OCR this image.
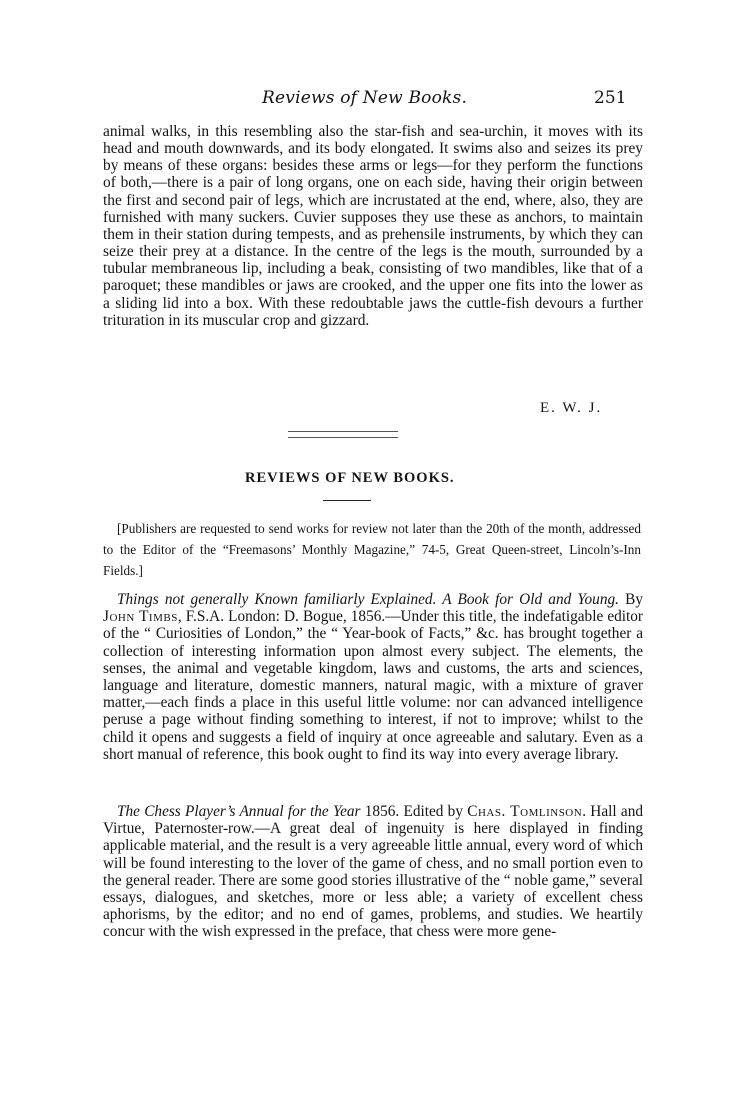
Reviews of New Books.	251

animal walks, in this resembling also the star-fish and sea-urchin, it moves with its head and mouth downwards, and its body elongated. It swims also and seizes its prey by means of these organs: besides these arms or legs—for they perform the functions of both,—there is a pair of long organs, one on each side, having their origin between the first and second pair of legs, which are incrustated at the end, where, also, they are furnished with many suckers. Cuvier supposes they use these as anchors, to maintain them in their station during tempests, and as prehensile instruments, by which they can seize their prey at a distance. In the centre of the legs is the mouth, surrounded by a tubular membraneous lip, including a beak, consisting of two mandibles, like that of a paroquet; these mandibles or jaws are crooked, and the upper one fits into the lower as a sliding lid into a box. With these redoubtable jaws the cuttle-fish devours a further trituration in its muscular crop and gizzard.

E. W. J.
REVIEWS OF NEW BOOKS.
[Publishers are requested to send works for review not later than the 20th of the month, addressed to the Editor of the “Freemasons’ Monthly Magazine,” 74-5, Great Queen-street, Lincoln’s-Inn Fields.]

Things not generally Known familiarly Explained. A Book for Old and Young. By John Timbs, F.S.A. London: D. Bogue, 1856.—Under this title, the indefatigable editor of the “ Curiosities of London,” the “ Year-book of Facts,” &c. has brought together a collection of interesting information upon almost every subject. The elements, the senses, the animal and vegetable kingdom, laws and customs, the arts and sciences, language and literature, domestic manners, natural magic, with a mixture of graver matter,—each finds a place in this useful little volume: nor can advanced intelligence peruse a page without finding something to interest, if not to improve; whilst to the child it opens and suggests a field of inquiry at once agreeable and salutary. Even as a short manual of reference, this book ought to find its way into every average library.

The Chess Player’s Annual for the Year 1856. Edited by Chas. Tomlinson. Hall and Virtue, Paternoster-row.—A great deal of ingenuity is here displayed in finding applicable material, and the result is a very agreeable little annual, every word of which will be found interesting to the lover of the game of chess, and no small portion even to the general reader. There are some good stories illustrative of the “ noble game,” several essays, dialogues, and sketches, more or less able; a variety of excellent chess aphorisms, by the editor; and no end of games, problems, and studies. We heartily concur with the wish expressed in the preface, that chess were more gene-
